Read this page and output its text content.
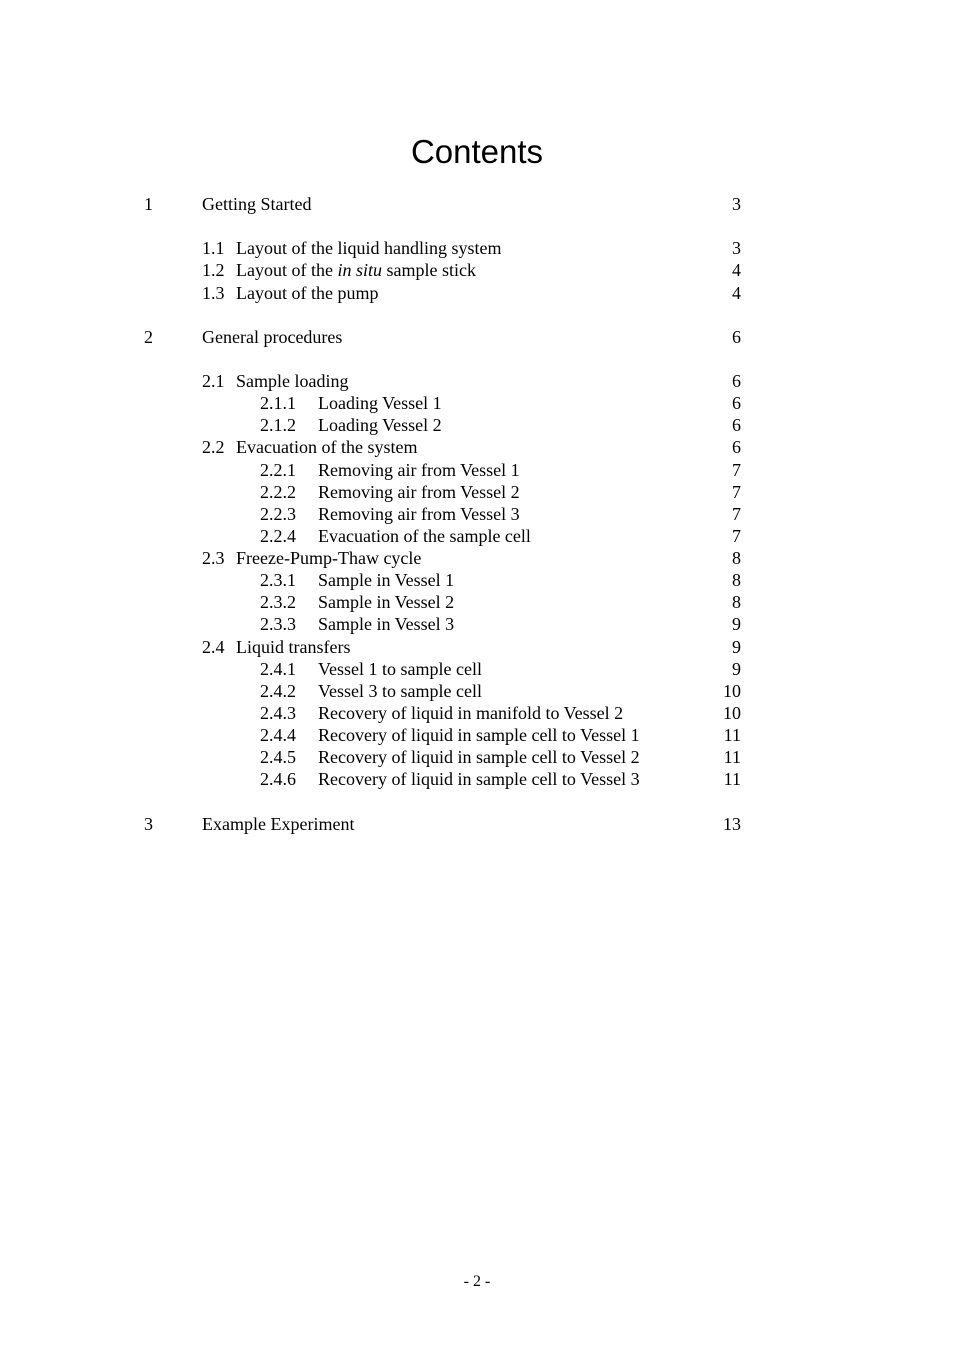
Contents
1	Getting Started	3
1.1 Layout of the liquid handling system	3
1.2 Layout of the in situ sample stick	4
1.3 Layout of the pump	4
2	General procedures	6
2.1 Sample loading	6
2.1.1 Loading Vessel 1	6
2.1.2 Loading Vessel 2	6
2.2 Evacuation of the system	6
2.2.1 Removing air from Vessel 1	7
2.2.2 Removing air from Vessel 2	7
2.2.3 Removing air from Vessel 3	7
2.2.4 Evacuation of the sample cell	7
2.3 Freeze-Pump-Thaw cycle	8
2.3.1 Sample in Vessel 1	8
2.3.2 Sample in Vessel 2	8
2.3.3 Sample in Vessel 3	9
2.4 Liquid transfers	9
2.4.1 Vessel 1 to sample cell	9
2.4.2 Vessel 3 to sample cell	10
2.4.3 Recovery of liquid in manifold to Vessel 2	10
2.4.4 Recovery of liquid in sample cell to Vessel 1	11
2.4.5 Recovery of liquid in sample cell to Vessel 2	11
2.4.6 Recovery of liquid in sample cell to Vessel 3	11
3	Example Experiment	13
- 2 -
